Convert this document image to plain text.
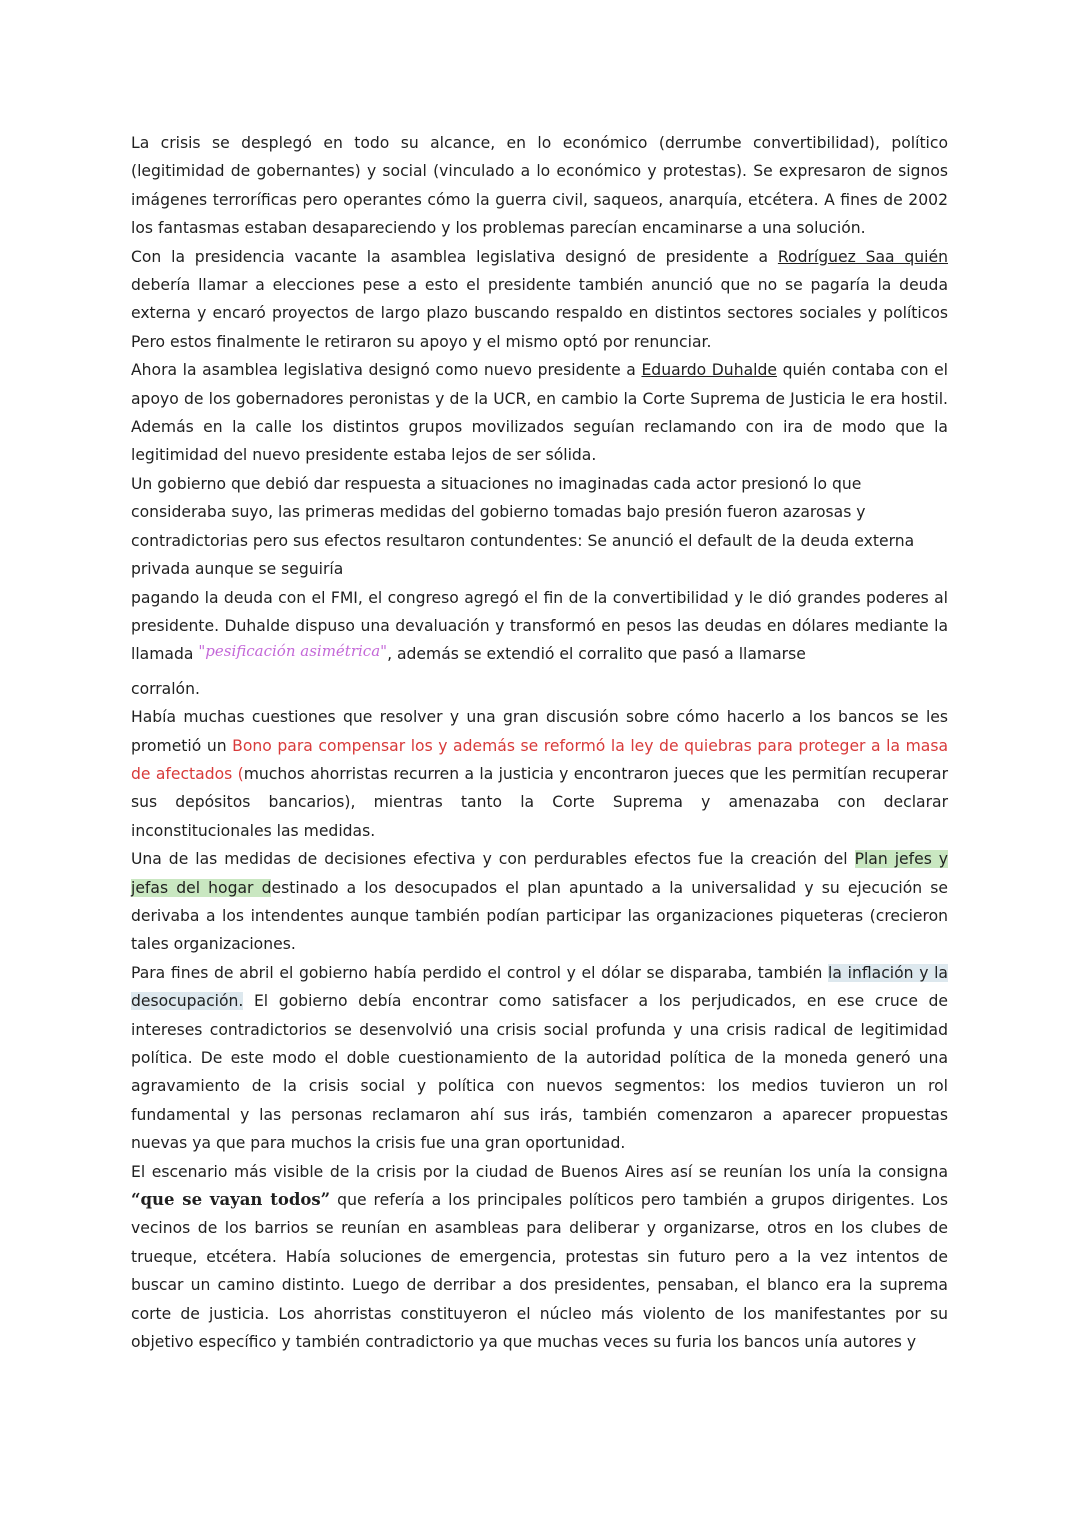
La crisis se desplegó en todo su alcance, en lo económico (derrumbe convertibilidad), político (legitimidad de gobernantes) y social (vinculado a lo económico y protestas). Se expresaron de signos imágenes terroríficas pero operantes cómo la guerra civil, saqueos, anarquía, etcétera. A fines de 2002 los fantasmas estaban desapareciendo y los problemas parecían encaminarse a una solución.

Con la presidencia vacante la asamblea legislativa designó de presidente a Rodríguez Saa quién debería llamar a elecciones pese a esto el presidente también anunció que no se pagaría la deuda externa y encaró proyectos de largo plazo buscando respaldo en distintos sectores sociales y políticos Pero estos finalmente le retiraron su apoyo y el mismo optó por renunciar.

Ahora la asamblea legislativa designó como nuevo presidente a Eduardo Duhalde quién contaba con el apoyo de los gobernadores peronistas y de la UCR, en cambio la Corte Suprema de Justicia le era hostil. Además en la calle los distintos grupos movilizados seguían reclamando con ira de modo que la legitimidad del nuevo presidente estaba lejos de ser sólida.

Un gobierno que debió dar respuesta a situaciones no imaginadas cada actor presionó lo que consideraba suyo, las primeras medidas del gobierno tomadas bajo presión fueron azarosas y contradictorias pero sus efectos resultaron contundentes: Se anunció el default de la deuda externa privada aunque se seguiría

pagando la deuda con el FMI, el congreso agregó el fin de la convertibilidad y le dió grandes poderes al presidente. Duhalde dispuso una devaluación y transformó en pesos las deudas en dólares mediante la llamada "pesificación asimétrica", además se extendió el corralito que pasó a llamarse

corralón.

Había muchas cuestiones que resolver y una gran discusión sobre cómo hacerlo a los bancos se les prometió un Bono para compensar los y además se reformó la ley de quiebras para proteger a la masa de afectados (muchos ahorristas recurren a la justicia y encontraron jueces que les permitían recuperar sus depósitos bancarios), mientras tanto la Corte Suprema y amenazaba con declarar inconstitucionales las medidas.

Una de las medidas de decisiones efectiva y con perdurables efectos fue la creación del Plan jefes y jefas del hogar destinado a los desocupados el plan apuntado a la universalidad y su ejecución se derivaba a los intendentes aunque también podían participar las organizaciones piqueteras (crecieron tales organizaciones.

Para fines de abril el gobierno había perdido el control y el dólar se disparaba, también la inflación y la desocupación. El gobierno debía encontrar como satisfacer a los perjudicados, en ese cruce de intereses contradictorios se desenvolvió una crisis social profunda y una crisis radical de legitimidad política. De este modo el doble cuestionamiento de la autoridad política de la moneda generó una agravamiento de la crisis social y política con nuevos segmentos: los medios tuvieron un rol fundamental y las personas reclamaron ahí sus irás, también comenzaron a aparecer propuestas nuevas ya que para muchos la crisis fue una gran oportunidad.

El escenario más visible de la crisis por la ciudad de Buenos Aires así se reunían los unía la consigna “que se vayan todos” que refería a los principales políticos pero también a grupos dirigentes. Los vecinos de los barrios se reunían en asambleas para deliberar y organizarse, otros en los clubes de trueque, etcétera. Había soluciones de emergencia, protestas sin futuro pero a la vez intentos de buscar un camino distinto. Luego de derribar a dos presidentes, pensaban, el blanco era la suprema corte de justicia. Los ahorristas constituyeron el núcleo más violento de los manifestantes por su objetivo específico y también contradictorio ya que muchas veces su furia los bancos unía autores y
